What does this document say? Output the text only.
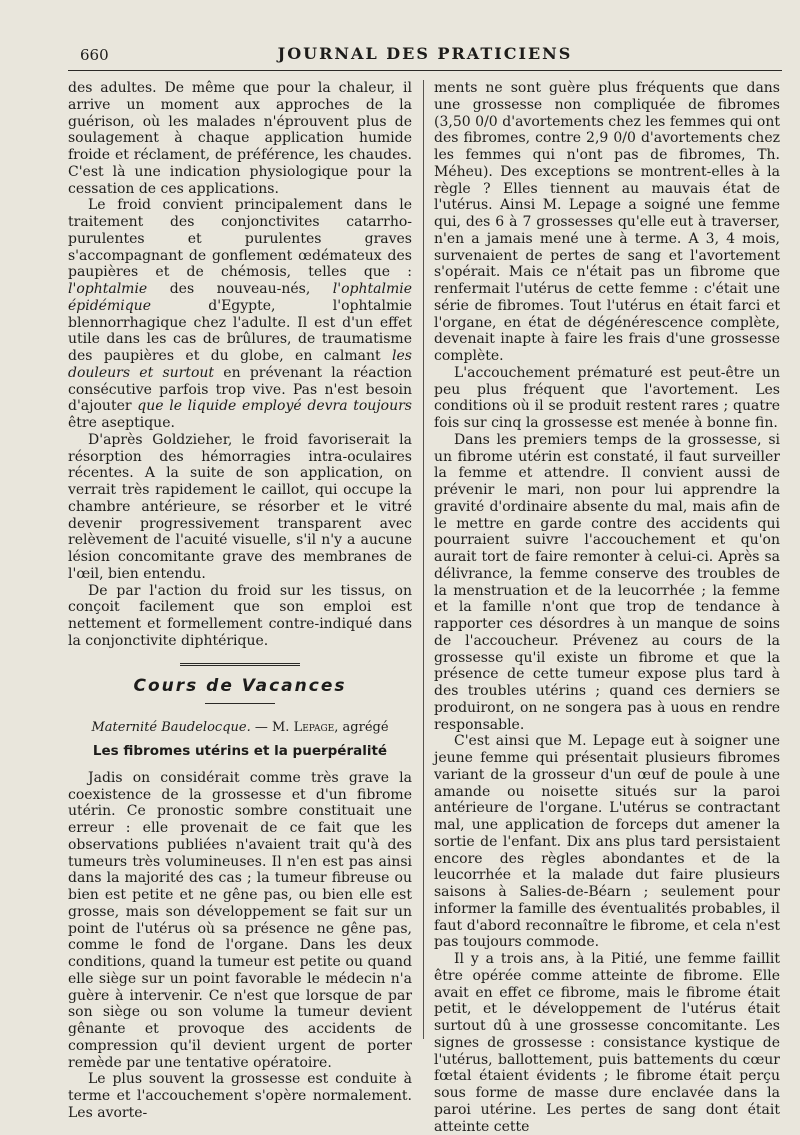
660	JOURNAL DES PRATICIENS

des adultes. De même que pour la chaleur, il arrive un moment aux approches de la guérison, où les malades n'éprouvent plus de soulagement à chaque application humide froide et réclament, de préférence, les chaudes. C'est là une indication physiologique pour la cessation de ces applications.

Le froid convient principalement dans le traitement des conjonctivites catarrho-purulentes et purulentes graves s'accompagnant de gonflement œdémateux des paupières et de chémosis, telles que : l'ophtalmie des nouveau-nés, l'ophtalmie épidémique d'Egypte, l'ophtalmie blennorrhagique chez l'adulte. Il est d'un effet utile dans les cas de brûlures, de traumatisme des paupières et du globe, en calmant les douleurs et surtout en prévenant la réaction consécutive parfois trop vive. Pas n'est besoin d'ajouter que le liquide employé devra toujours être aseptique.

D'après Goldzieher, le froid favoriserait la résorption des hémorragies intra-oculaires récentes. A la suite de son application, on verrait très rapidement le caillot, qui occupe la chambre antérieure, se résorber et le vitré devenir progressivement transparent avec relèvement de l'acuité visuelle, s'il n'y a aucune lésion concomitante grave des membranes de l'œil, bien entendu.

De par l'action du froid sur les tissus, on conçoit facilement que son emploi est nettement et formellement contre-indiqué dans la conjonctivite diphtérique.

Cours de Vacances
Maternité Baudelocque. — M. Lepage, agrégé
Les fibromes utérins et la puerpéralité

Jadis on considérait comme très grave la coexistence de la grossesse et d'un fibrome utérin. Ce pronostic sombre constituait une erreur : elle provenait de ce fait que les observations publiées n'avaient trait qu'à des tumeurs très volumineuses. Il n'en est pas ainsi dans la majorité des cas ; la tumeur fibreuse ou bien est petite et ne gêne pas, ou bien elle est grosse, mais son développement se fait sur un point de l'utérus où sa présence ne gêne pas, comme le fond de l'organe. Dans les deux conditions, quand la tumeur est petite ou quand elle siège sur un point favorable le médecin n'a guère à intervenir. Ce n'est que lorsque de par son siège ou son volume la tumeur devient gênante et provoque des accidents de compression qu'il devient urgent de porter remède par une tentative opératoire.

Le plus souvent la grossesse est conduite à terme et l'accouchement s'opère normalement. Les avorte-

ments ne sont guère plus fréquents que dans une grossesse non compliquée de fibromes (3,50 0/0 d'avortements chez les femmes qui ont des fibromes, contre 2,9 0/0 d'avortements chez les femmes qui n'ont pas de fibromes, Th. Méheu). Des exceptions se montrent-elles à la règle ? Elles tiennent au mauvais état de l'utérus. Ainsi M. Lepage a soigné une femme qui, des 6 à 7 grossesses qu'elle eut à traverser, n'en a jamais mené une à terme. A 3, 4 mois, survenaient de pertes de sang et l'avortement s'opérait. Mais ce n'était pas un fibrome que renfermait l'utérus de cette femme : c'était une série de fibromes. Tout l'utérus en était farci et l'organe, en état de dégénérescence complète, devenait inapte à faire les frais d'une grossesse complète.

L'accouchement prématuré est peut-être un peu plus fréquent que l'avortement. Les conditions où il se produit restent rares ; quatre fois sur cinq la grossesse est menée à bonne fin.

Dans les premiers temps de la grossesse, si un fibrome utérin est constaté, il faut surveiller la femme et attendre. Il convient aussi de prévenir le mari, non pour lui apprendre la gravité d'ordinaire absente du mal, mais afin de le mettre en garde contre des accidents qui pourraient suivre l'accouchement et qu'on aurait tort de faire remonter à celui-ci. Après sa délivrance, la femme conserve des troubles de la menstruation et de la leucorrhée ; la femme et la famille n'ont que trop de tendance à rapporter ces désordres à un manque de soins de l'accoucheur. Prévenez au cours de la grossesse qu'il existe un fibrome et que la présence de cette tumeur expose plus tard à des troubles utérins ; quand ces derniers se produiront, on ne songera pas à uous en rendre responsable.

C'est ainsi que M. Lepage eut à soigner une jeune femme qui présentait plusieurs fibromes variant de la grosseur d'un œuf de poule à une amande ou noisette situés sur la paroi antérieure de l'organe. L'utérus se contractant mal, une application de forceps dut amener la sortie de l'enfant. Dix ans plus tard persistaient encore des règles abondantes et de la leucorrhée et la malade dut faire plusieurs saisons à Salies-de-Béarn ; seulement pour informer la famille des éventualités probables, il faut d'abord reconnaître le fibrome, et cela n'est pas toujours commode.

Il y a trois ans, à la Pitié, une femme faillit être opérée comme atteinte de fibrome. Elle avait en effet ce fibrome, mais le fibrome était petit, et le développement de l'utérus était surtout dû à une grossesse concomitante. Les signes de grossesse : consistance kystique de l'utérus, ballottement, puis battements du cœur fœtal étaient évidents ; le fibrome était perçu sous forme de masse dure enclavée dans la paroi utérine. Les pertes de sang dont était atteinte cette
